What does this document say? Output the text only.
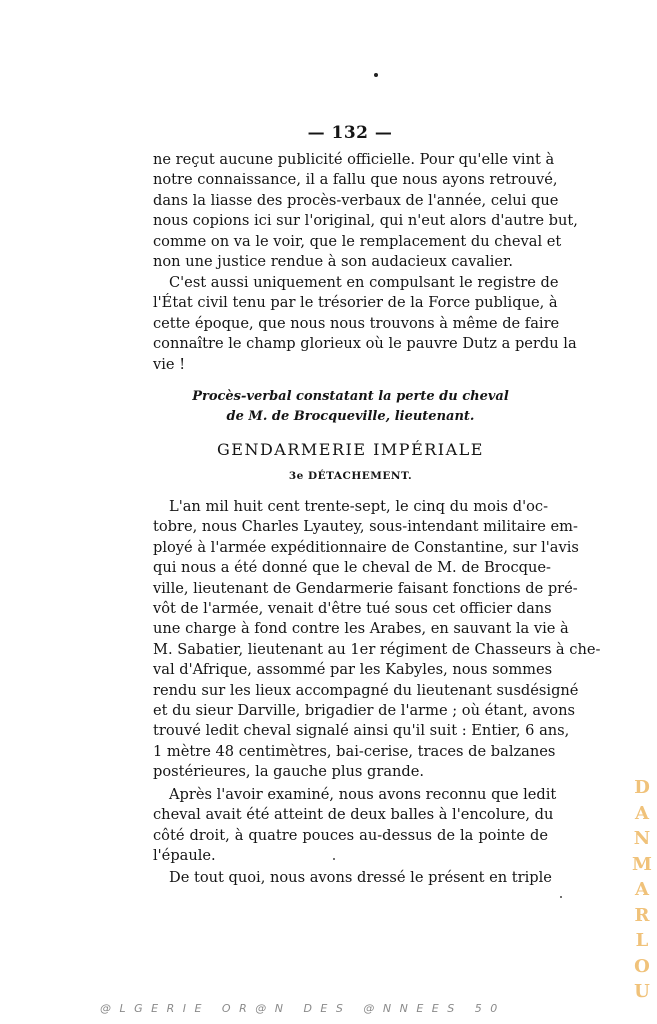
— 132 —
ne reçut aucune publicité officielle. Pour qu'elle vint à
notre connaissance, il a fallu que nous ayons retrouvé,
dans la liasse des procès-verbaux de l'année, celui que
nous copions ici sur l'original, qui n'eut alors d'autre but,
comme on va le voir, que le remplacement du cheval et
non une justice rendue à son audacieux cavalier.
C'est aussi uniquement en compulsant le registre de
l'État civil tenu par le trésorier de la Force publique, à
cette époque, que nous nous trouvons à même de faire
connaître le champ glorieux où le pauvre Dutz a perdu la
vie !
Procès-verbal constatant la perte du cheval
de M. de Brocqueville, lieutenant.
GENDARMERIE IMPÉRIALE
3e DÉTACHEMENT.
L'an mil huit cent trente-sept, le cinq du mois d'oc-
tobre, nous Charles Lyautey, sous-intendant militaire em-
ployé à l'armée expéditionnaire de Constantine, sur l'avis
qui nous a été donné que le cheval de M. de Brocque-
ville, lieutenant de Gendarmerie faisant fonctions de pré-
vôt de l'armée, venait d'être tué sous cet officier dans
une charge à fond contre les Arabes, en sauvant la vie à
M. Sabatier, lieutenant au 1er régiment de Chasseurs à che-
val d'Afrique, assommé par les Kabyles, nous sommes
rendu sur les lieux accompagné du lieutenant susdésigné
et du sieur Darville, brigadier de l'arme ; où étant, avons
trouvé ledit cheval signalé ainsi qu'il suit : Entier, 6 ans,
1 mètre 48 centimètres, bai-cerise, traces de balzanes
postérieures, la gauche plus grande.
Après l'avoir examiné, nous avons reconnu que ledit
cheval avait été atteint de deux balles à l'encolure, du
côté droit, à quatre pouces au-dessus de la pointe de
l'épaule.
De tout quoi, nous avons dressé le présent en triple
D
A
N
M
A
R
L
O
U
@LGERIE OR@N DES @NNEES 50
